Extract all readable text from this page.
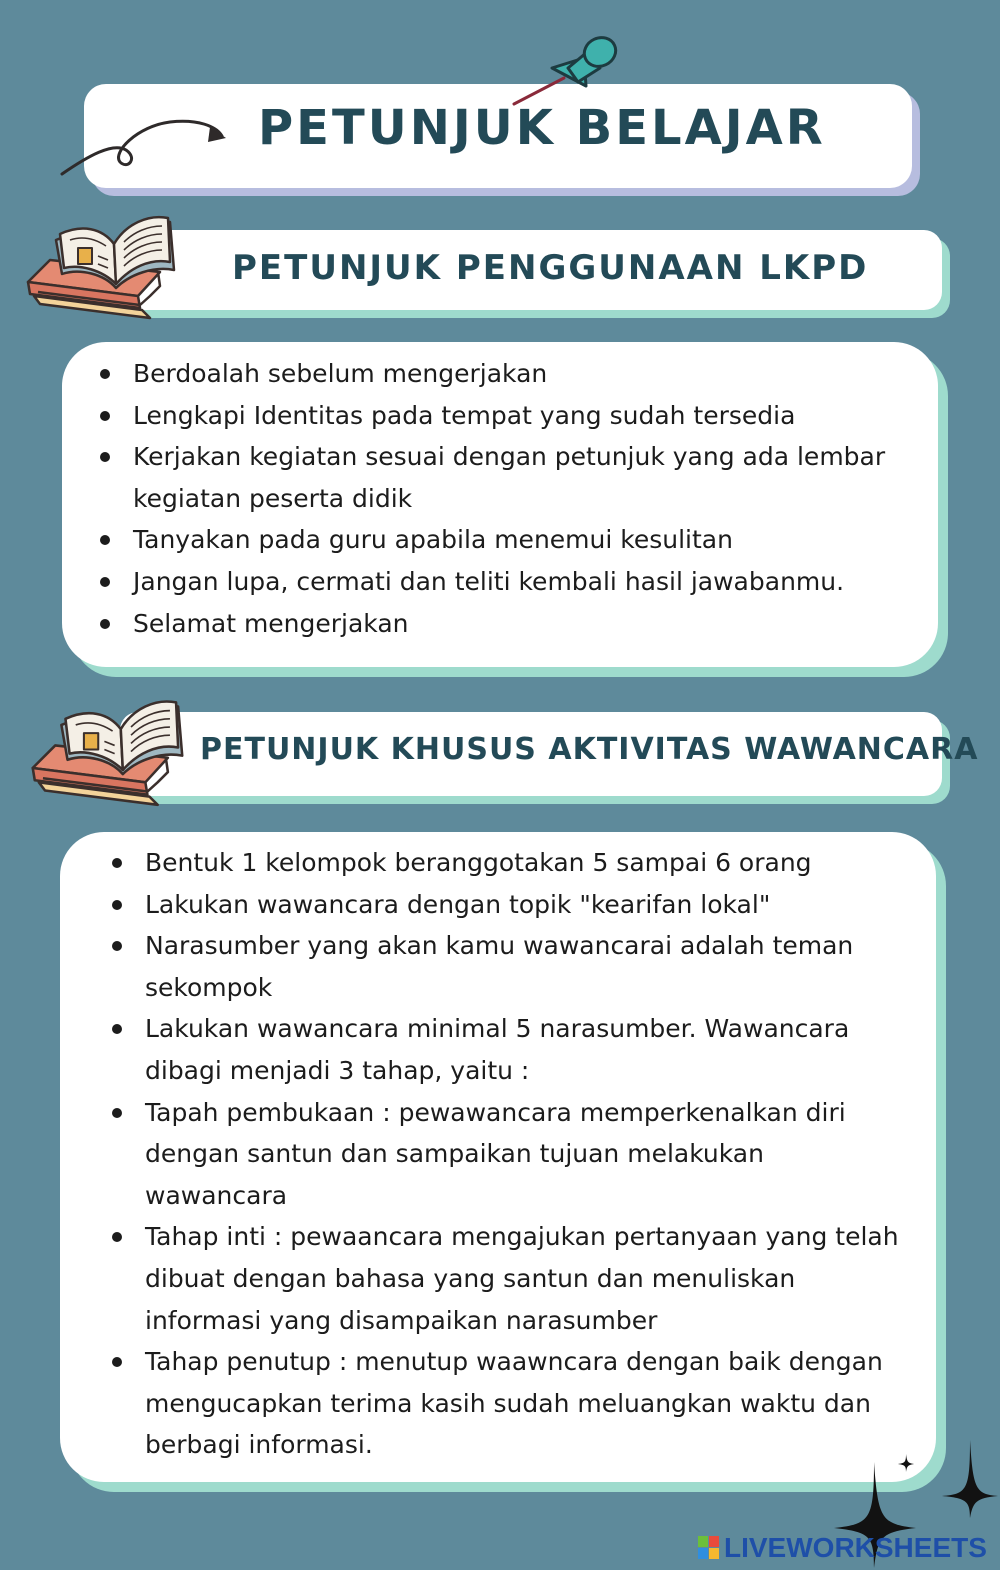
PETUNJUK BELAJAR
PETUNJUK PENGGUNAAN LKPD
Berdoalah sebelum mengerjakan
Lengkapi Identitas pada tempat yang sudah tersedia
Kerjakan kegiatan sesuai dengan petunjuk yang ada lembar kegiatan peserta didik
Tanyakan pada guru apabila menemui kesulitan
Jangan lupa, cermati dan teliti kembali hasil jawabanmu.
Selamat mengerjakan
PETUNJUK KHUSUS AKTIVITAS WAWANCARA
Bentuk 1 kelompok beranggotakan 5 sampai 6 orang
Lakukan wawancara dengan topik "kearifan lokal"
Narasumber yang akan kamu wawancarai adalah teman sekompok
Lakukan wawancara minimal 5 narasumber. Wawancara dibagi menjadi 3 tahap, yaitu :
Tapah pembukaan : pewawancara memperkenalkan diri dengan santun dan sampaikan tujuan melakukan wawancara
Tahap inti : pewaancara mengajukan pertanyaan yang telah dibuat dengan bahasa yang santun dan menuliskan informasi yang disampaikan narasumber
Tahap penutup : menutup waawncara dengan baik dengan mengucapkan terima kasih sudah meluangkan waktu dan berbagi informasi.
LIVEWORKSHEETS
